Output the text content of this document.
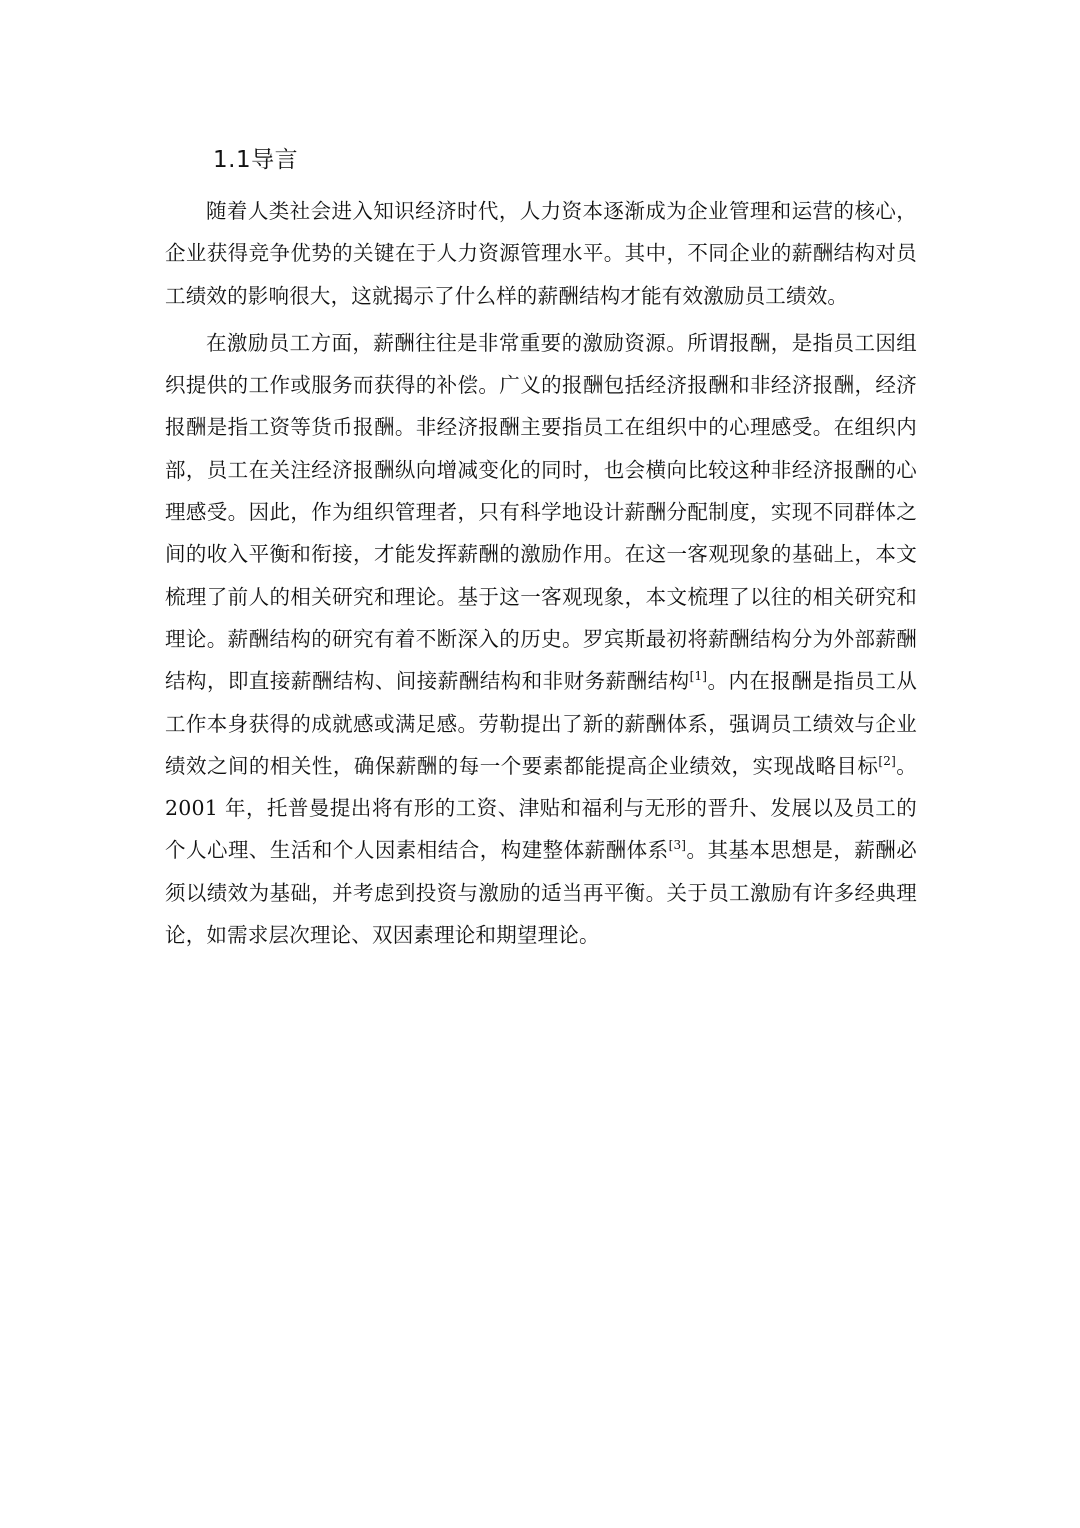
1.1导言

随着人类社会进入知识经济时代，人力资本逐渐成为企业管理和运营的核心，企业获得竞争优势的关键在于人力资源管理水平。其中，不同企业的薪酬结构对员工绩效的影响很大，这就揭示了什么样的薪酬结构才能有效激励员工绩效。

在激励员工方面，薪酬往往是非常重要的激励资源。所谓报酬，是指员工因组织提供的工作或服务而获得的补偿。广义的报酬包括经济报酬和非经济报酬，经济报酬是指工资等货币报酬。非经济报酬主要指员工在组织中的心理感受。在组织内部，员工在关注经济报酬纵向增减变化的同时，也会横向比较这种非经济报酬的心理感受。因此，作为组织管理者，只有科学地设计薪酬分配制度，实现不同群体之间的收入平衡和衔接，才能发挥薪酬的激励作用。在这一客观现象的基础上，本文梳理了前人的相关研究和理论。基于这一客观现象，本文梳理了以往的相关研究和理论。薪酬结构的研究有着不断深入的历史。罗宾斯最初将薪酬结构分为外部薪酬结构，即直接薪酬结构、间接薪酬结构和非财务薪酬结构[1]。内在报酬是指员工从工作本身获得的成就感或满足感。劳勒提出了新的薪酬体系，强调员工绩效与企业绩效之间的相关性，确保薪酬的每一个要素都能提高企业绩效，实现战略目标[2]。2001 年，托普曼提出将有形的工资、津贴和福利与无形的晋升、发展以及员工的个人心理、生活和个人因素相结合，构建整体薪酬体系[3]。其基本思想是，薪酬必须以绩效为基础，并考虑到投资与激励的适当再平衡。关于员工激励有许多经典理论，如需求层次理论、双因素理论和期望理论。
